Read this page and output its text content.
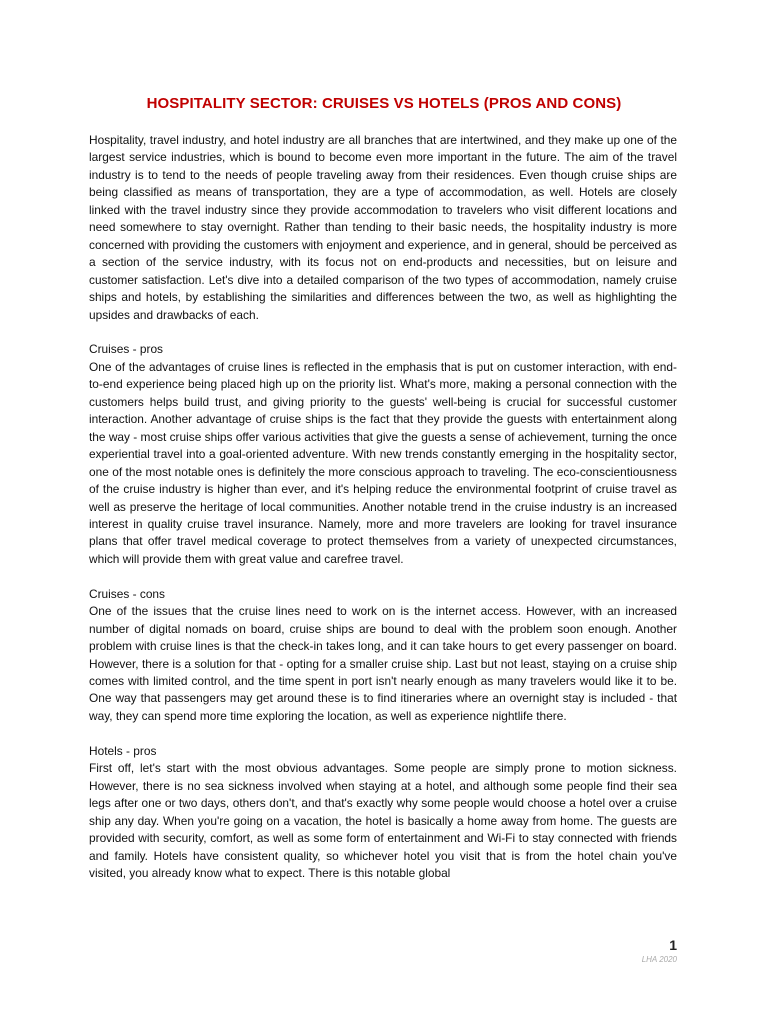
HOSPITALITY SECTOR: CRUISES VS HOTELS (PROS AND CONS)

Hospitality, travel industry, and hotel industry are all branches that are intertwined, and they make up one of the largest service industries, which is bound to become even more important in the future. The aim of the travel industry is to tend to the needs of people traveling away from their residences. Even though cruise ships are being classified as means of transportation, they are a type of accommodation, as well. Hotels are closely linked with the travel industry since they provide accommodation to travelers who visit different locations and need somewhere to stay overnight. Rather than tending to their basic needs, the hospitality industry is more concerned with providing the customers with enjoyment and experience, and in general, should be perceived as a section of the service industry, with its focus not on end-products and necessities, but on leisure and customer satisfaction. Let's dive into a detailed comparison of the two types of accommodation, namely cruise ships and hotels, by establishing the similarities and differences between the two, as well as highlighting the upsides and drawbacks of each.

Cruises - pros

One of the advantages of cruise lines is reflected in the emphasis that is put on customer interaction, with end-to-end experience being placed high up on the priority list. What's more, making a personal connection with the customers helps build trust, and giving priority to the guests' well-being is crucial for successful customer interaction. Another advantage of cruise ships is the fact that they provide the guests with entertainment along the way - most cruise ships offer various activities that give the guests a sense of achievement, turning the once experiential travel into a goal-oriented adventure. With new trends constantly emerging in the hospitality sector, one of the most notable ones is definitely the more conscious approach to traveling. The eco-conscientiousness of the cruise industry is higher than ever, and it's helping reduce the environmental footprint of cruise travel as well as preserve the heritage of local communities. Another notable trend in the cruise industry is an increased interest in quality cruise travel insurance. Namely, more and more travelers are looking for travel insurance plans that offer travel medical coverage to protect themselves from a variety of unexpected circumstances, which will provide them with great value and carefree travel.

Cruises - cons

One of the issues that the cruise lines need to work on is the internet access. However, with an increased number of digital nomads on board, cruise ships are bound to deal with the problem soon enough. Another problem with cruise lines is that the check-in takes long, and it can take hours to get every passenger on board. However, there is a solution for that - opting for a smaller cruise ship. Last but not least, staying on a cruise ship comes with limited control, and the time spent in port isn't nearly enough as many travelers would like it to be. One way that passengers may get around these is to find itineraries where an overnight stay is included - that way, they can spend more time exploring the location, as well as experience nightlife there.

Hotels - pros

First off, let's start with the most obvious advantages. Some people are simply prone to motion sickness. However, there is no sea sickness involved when staying at a hotel, and although some people find their sea legs after one or two days, others don't, and that's exactly why some people would choose a hotel over a cruise ship any day. When you're going on a vacation, the hotel is basically a home away from home. The guests are provided with security, comfort, as well as some form of entertainment and Wi-Fi to stay connected with friends and family. Hotels have consistent quality, so whichever hotel you visit that is from the hotel chain you've visited, you already know what to expect. There is this notable global

1
LHA 2020
